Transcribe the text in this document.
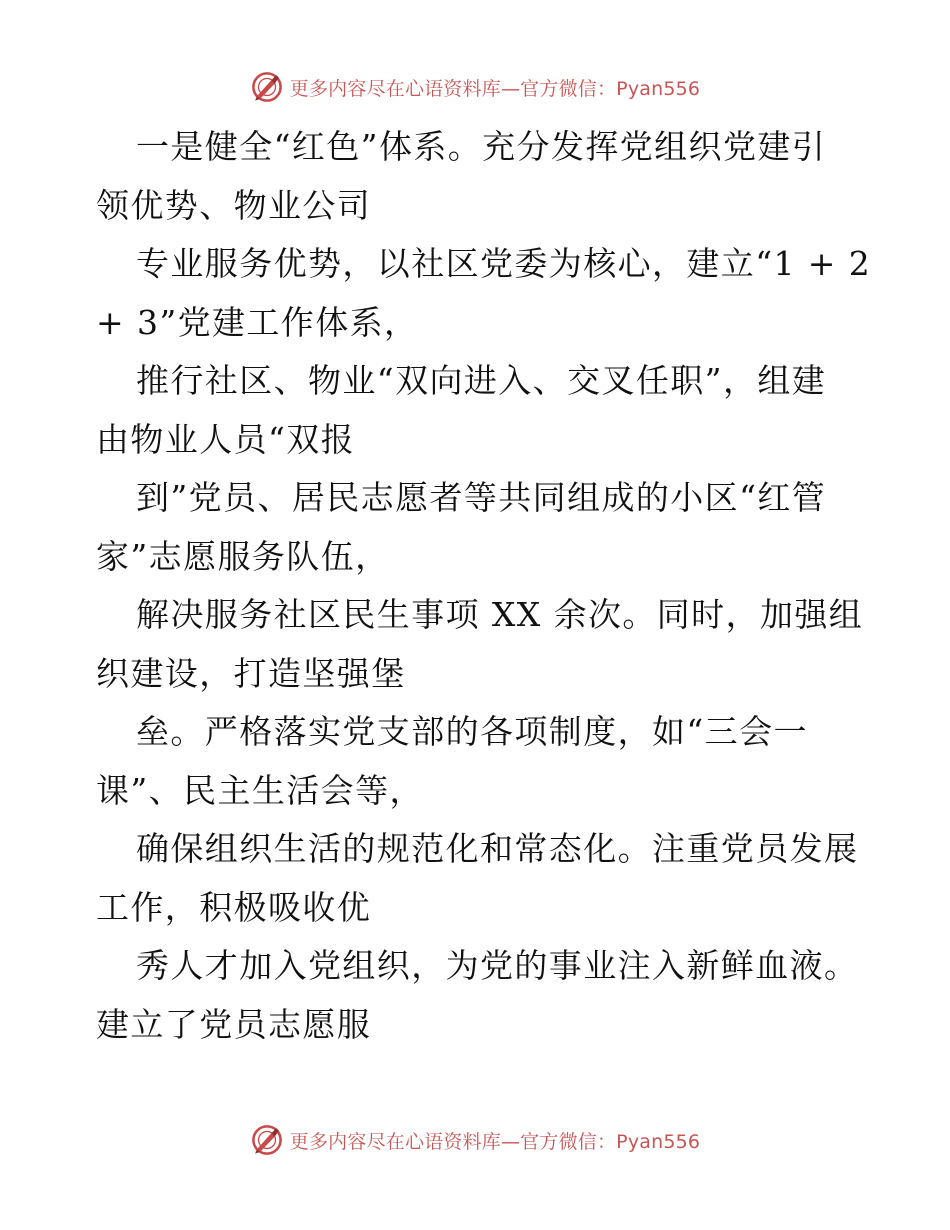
更多内容尽在心语资料库—官方微信：Pyan556
一是健全“红色”体系。充分发挥党组织党建引
领优势、物业公司
专业服务优势，以社区党委为核心，建立“1 + 2
+ 3”党建工作体系，
推行社区、物业“双向进入、交叉任职”，组建
由物业人员“双报
到”党员、居民志愿者等共同组成的小区“红管
家”志愿服务队伍，
解决服务社区民生事项 XX 余次。同时，加强组
织建设，打造坚强堡
垒。严格落实党支部的各项制度，如“三会一
课”、民主生活会等，
确保组织生活的规范化和常态化。注重党员发展
工作，积极吸收优
秀人才加入党组织，为党的事业注入新鲜血液。
建立了党员志愿服
更多内容尽在心语资料库—官方微信：Pyan556
